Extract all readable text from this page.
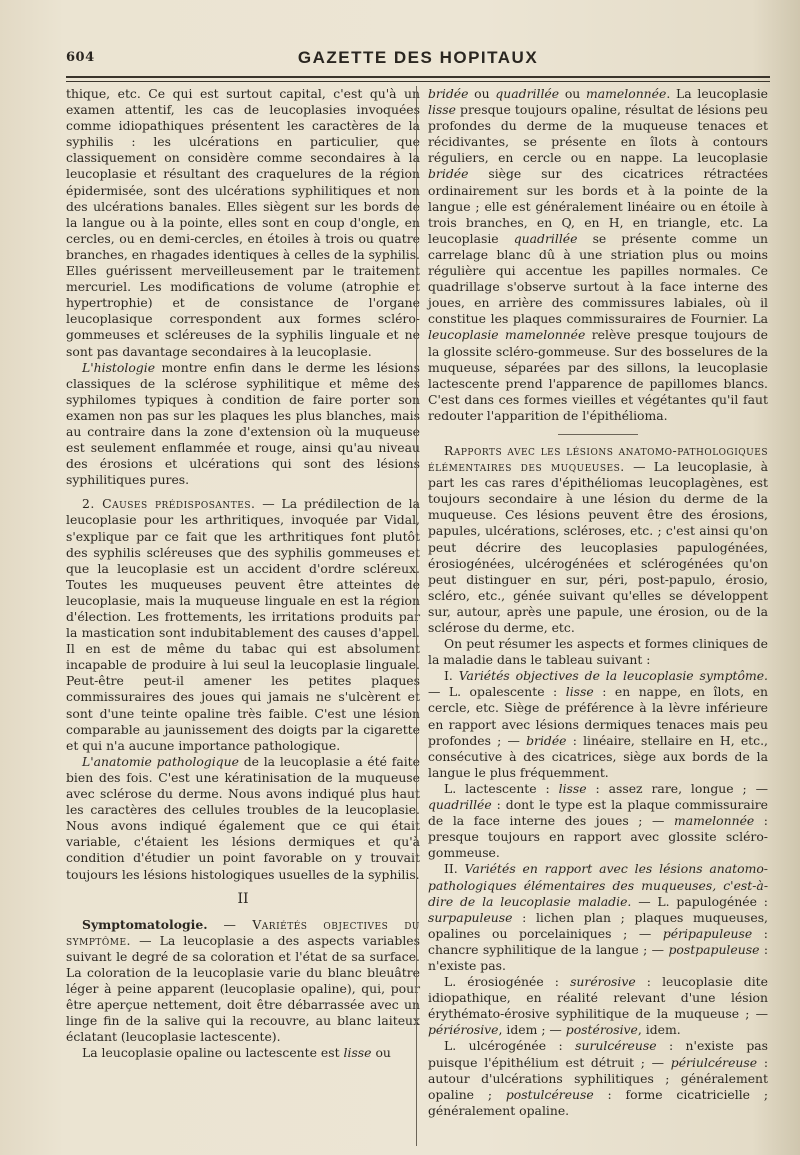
604	GAZETTE DES HOPITAUX

thique, etc. Ce qui est surtout capital, c'est qu'à un examen attentif, les cas de leucoplasies invoquées comme idiopathiques présentent les caractères de la syphilis : les ulcérations en particulier, que classiquement on considère comme secondaires à la leucoplasie et résultant des craquelures de la région épidermisée, sont des ulcérations syphilitiques et non des ulcérations banales. Elles siègent sur les bords de la langue ou à la pointe, elles sont en coup d'ongle, en cercles, ou en demi-cercles, en étoiles à trois ou quatre branches, en rhagades identiques à celles de la syphilis. Elles guérissent merveilleusement par le traitement mercuriel. Les modifications de volume (atrophie et hypertrophie) et de consistance de l'organe leucoplasique correspondent aux formes scléro-gommeuses et scléreuses de la syphilis linguale et ne sont pas davantage secondaires à la leucoplasie.

L'histologie montre enfin dans le derme les lésions classiques de la sclérose syphilitique et même des syphilomes typiques à condition de faire porter son examen non pas sur les plaques les plus blanches, mais au contraire dans la zone d'extension où la muqueuse est seulement enflammée et rouge, ainsi qu'au niveau des érosions et ulcérations qui sont des lésions syphilitiques pures.

2. Causes prédisposantes. — La prédilection de la leucoplasie pour les arthritiques, invoquée par Vidal, s'explique par ce fait que les arthritiques font plutôt des syphilis scléreuses que des syphilis gommeuses et que la leucoplasie est un accident d'ordre scléreux. Toutes les muqueuses peuvent être atteintes de leucoplasie, mais la muqueuse linguale en est la région d'élection. Les frottements, les irritations produits par la mastication sont indubitablement des causes d'appel. Il en est de même du tabac qui est absolument incapable de produire à lui seul la leucoplasie linguale. Peut-être peut-il amener les petites plaques commissuraires des joues qui jamais ne s'ulcèrent et sont d'une teinte opaline très faible. C'est une lésion comparable au jaunissement des doigts par la cigarette et qui n'a aucune importance pathologique.

L'anatomie pathologique de la leucoplasie a été faite bien des fois. C'est une kératinisation de la muqueuse avec sclérose du derme. Nous avons indiqué plus haut les caractères des cellules troubles de la leucoplasie. Nous avons indiqué également que ce qui était variable, c'étaient les lésions dermiques et qu'à condition d'étudier un point favorable on y trouvait toujours les lésions histologiques usuelles de la syphilis.

II

Symptomatologie. — Variétés objectives du symptôme. — La leucoplasie a des aspects variables suivant le degré de sa coloration et l'état de sa surface. La coloration de la leucoplasie varie du blanc bleuâtre léger à peine apparent (leucoplasie opaline), qui, pour être aperçue nettement, doit être débarrassée avec un linge fin de la salive qui la recouvre, au blanc laiteux éclatant (leucoplasie lactescente).

La leucoplasie opaline ou lactescente est lisse ou

bridée ou quadrillée ou mamelonnée. La leucoplasie lisse presque toujours opaline, résultat de lésions peu profondes du derme de la muqueuse tenaces et récidivantes, se présente en îlots à contours réguliers, en cercle ou en nappe. La leucoplasie bridée siège sur des cicatrices rétractées ordinairement sur les bords et à la pointe de la langue ; elle est généralement linéaire ou en étoile à trois branches, en Q, en H, en triangle, etc. La leucoplasie quadrillée se présente comme un carrelage blanc dû à une striation plus ou moins régulière qui accentue les papilles normales. Ce quadrillage s'observe surtout à la face interne des joues, en arrière des commissures labiales, où il constitue les plaques commissuraires de Fournier. La leucoplasie mamelonnée relève presque toujours de la glossite scléro-gommeuse. Sur des bosselures de la muqueuse, séparées par des sillons, la leucoplasie lactescente prend l'apparence de papillomes blancs. C'est dans ces formes vieilles et végétantes qu'il faut redouter l'apparition de l'épithélioma.

Rapports avec les lésions anatomo-pathologiques élémentaires des muqueuses. — La leucoplasie, à part les cas rares d'épithéliomas leucoplagènes, est toujours secondaire à une lésion du derme de la muqueuse. Ces lésions peuvent être des érosions, papules, ulcérations, scléroses, etc. ; c'est ainsi qu'on peut décrire des leucoplasies papulogénées, érosiogénées, ulcérogénées et sclérogénées qu'on peut distinguer en sur, péri, post-papulo, érosio, scléro, etc., génée suivant qu'elles se développent sur, autour, après une papule, une érosion, ou de la sclérose du derme, etc.

On peut résumer les aspects et formes cliniques de la maladie dans le tableau suivant :

I. Variétés objectives de la leucoplasie symptôme. — L. opalescente : lisse : en nappe, en îlots, en cercle, etc. Siège de préférence à la lèvre inférieure en rapport avec lésions dermiques tenaces mais peu profondes ; — bridée : linéaire, stellaire en H, etc., consécutive à des cicatrices, siège aux bords de la langue le plus fréquemment.

L. lactescente : lisse : assez rare, longue ; — quadrillée : dont le type est la plaque commissuraire de la face interne des joues ; — mamelonnée : presque toujours en rapport avec glossite scléro-gommeuse.

II. Variétés en rapport avec les lésions anatomo-pathologiques élémentaires des muqueuses, c'est-à-dire de la leucoplasie maladie. — L. papulogénée : surpapuleuse : lichen plan ; plaques muqueuses, opalines ou porcelainiques ; — péripapuleuse : chancre syphilitique de la langue ; — postpapuleuse : n'existe pas.

L. érosiogénée : surérosive : leucoplasie dite idiopathique, en réalité relevant d'une lésion érythémato-érosive syphilitique de la muqueuse ; — périérosive, idem ; — postérosive, idem.

L. ulcérogénée : surulcéreuse : n'existe pas puisque l'épithélium est détruit ; — périulcéreuse : autour d'ulcérations syphilitiques ; généralement opaline ; postulcéreuse : forme cicatricielle ; généralement opaline.
